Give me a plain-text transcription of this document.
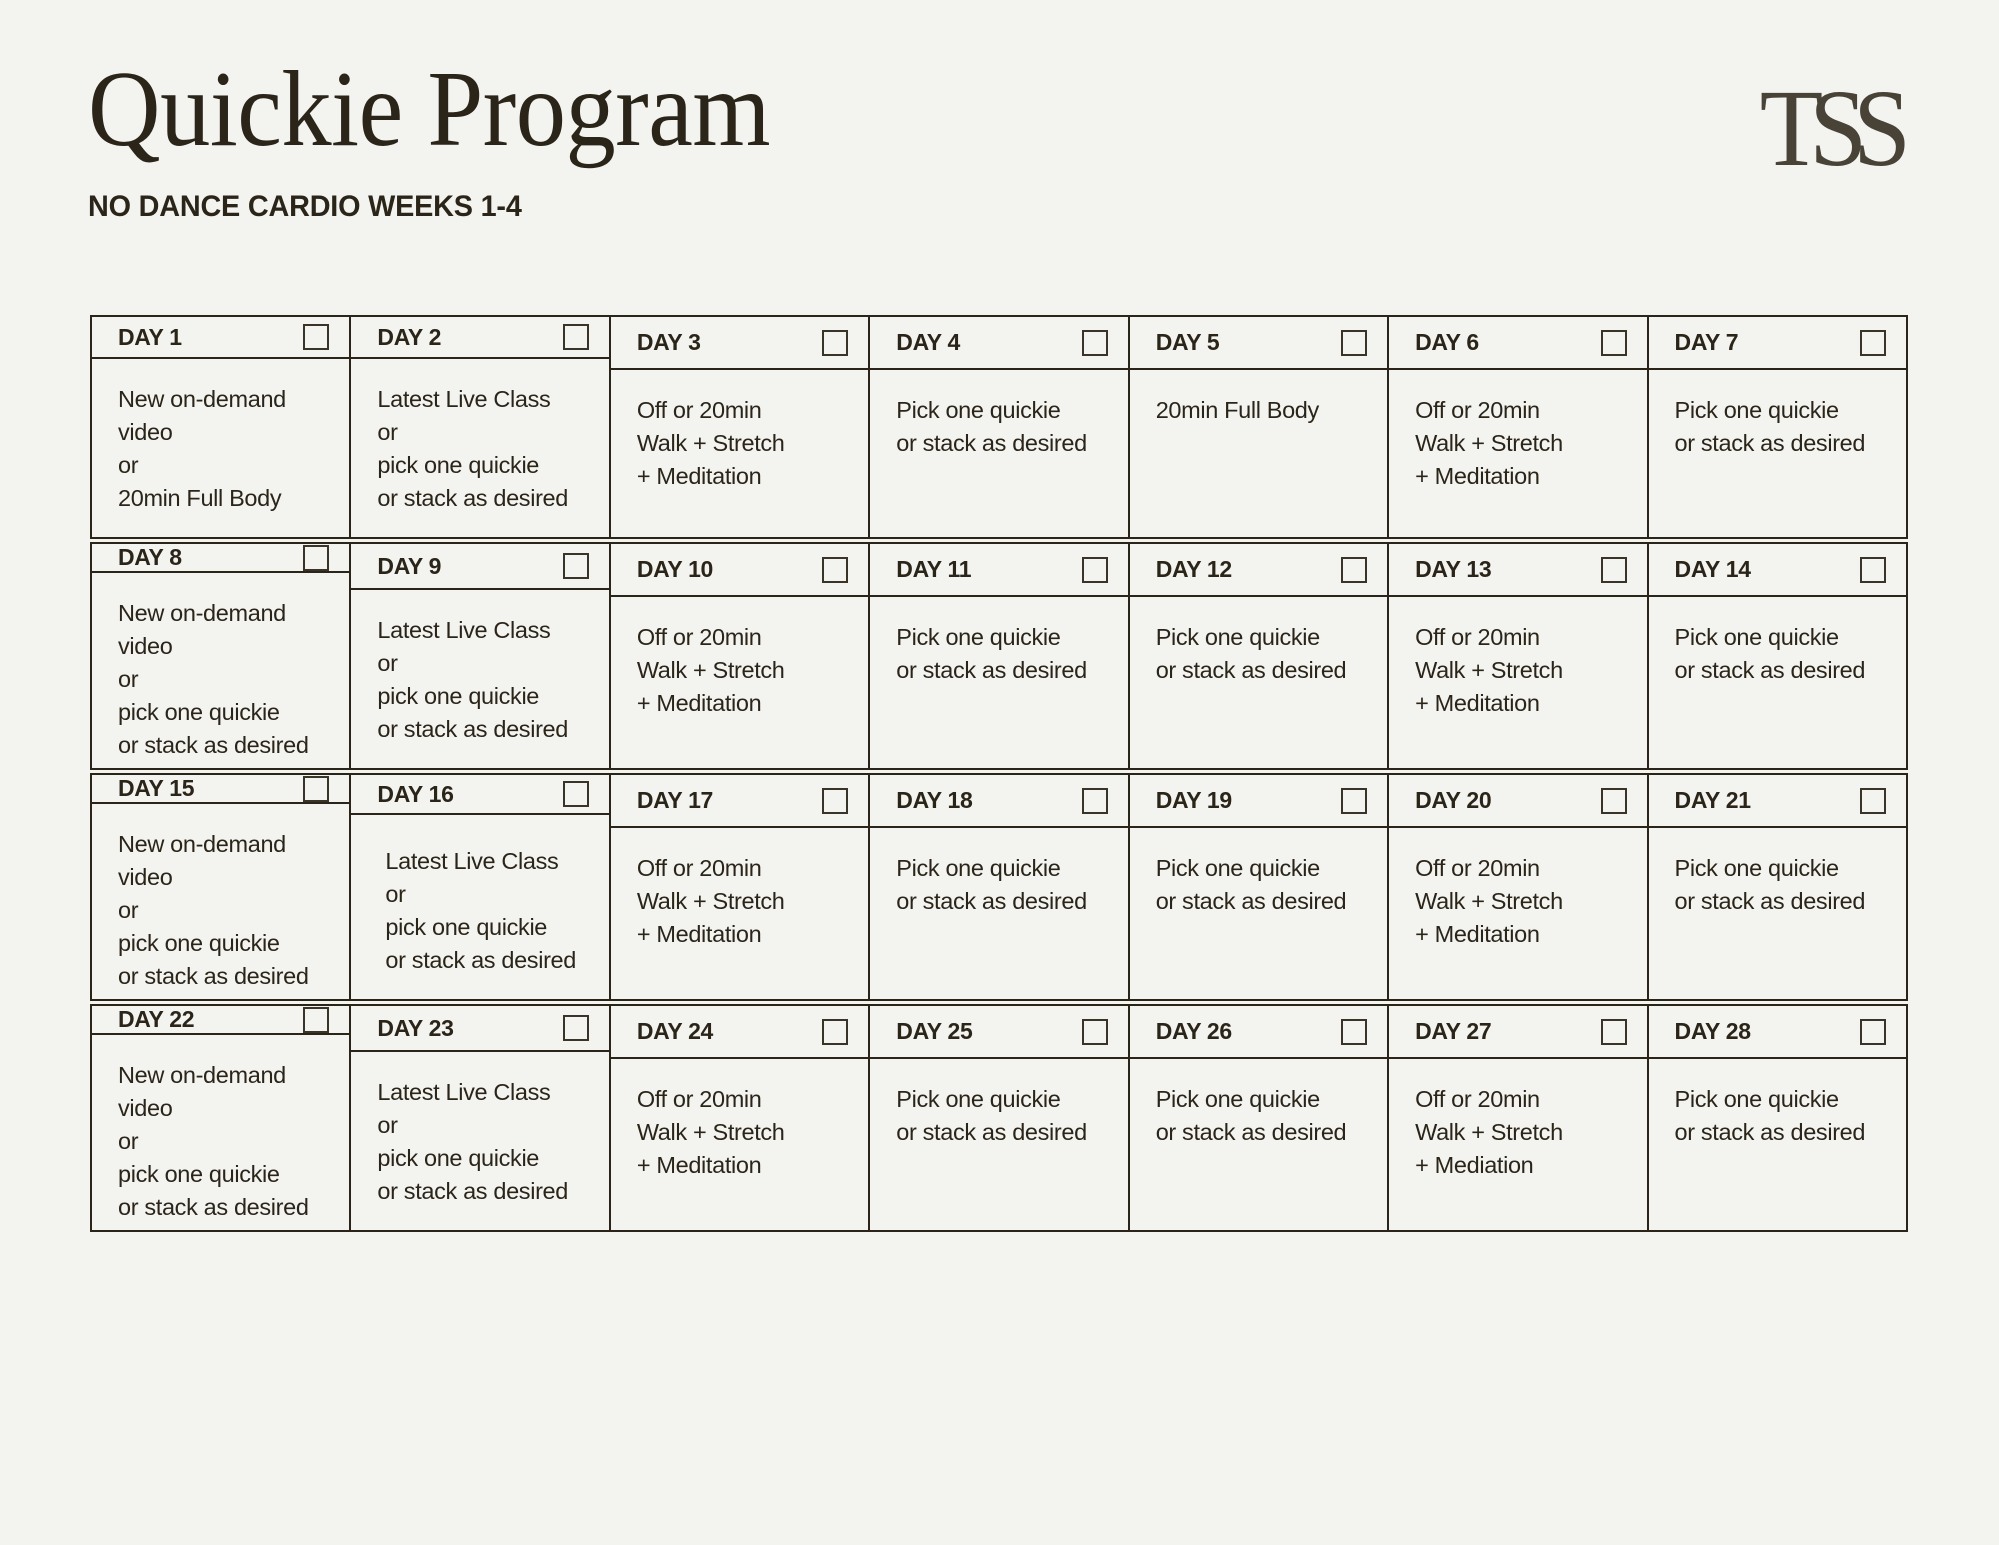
Quickie Program
NO DANCE CARDIO WEEKS 1-4
TSS
DAY 1

New on-demand
video
or
20min Full Body

DAY 2

Latest Live Class
or
pick one quickie
or stack as desired

DAY 3

Off or 20min
Walk + Stretch
+ Meditation

DAY 4

Pick one quickie
or stack as desired

DAY 5

20min Full Body

DAY 6

Off or 20min
Walk + Stretch
+ Meditation

DAY 7

Pick one quickie
or stack as desired

DAY 8

New on-demand
video
or
pick one quickie
or stack as desired

DAY 9

Latest Live Class
or
pick one quickie
or stack as desired

DAY 10

Off or 20min
Walk + Stretch
+ Meditation

DAY 11

Pick one quickie
or stack as desired

DAY 12

Pick one quickie
or stack as desired

DAY 13

Off or 20min
Walk + Stretch
+ Meditation

DAY 14

Pick one quickie
or stack as desired

DAY 15

New on-demand
video
or
pick one quickie
or stack as desired

DAY 16

Latest Live Class
or
pick one quickie
or stack as desired

DAY 17

Off or 20min
Walk + Stretch
+ Meditation

DAY 18

Pick one quickie
or stack as desired

DAY 19

Pick one quickie
or stack as desired

DAY 20

Off or 20min
Walk + Stretch
+ Meditation

DAY 21

Pick one quickie
or stack as desired

DAY 22

New on-demand
video
or
pick one quickie
or stack as desired

DAY 23

Latest Live Class
or
pick one quickie
or stack as desired

DAY 24

Off or 20min
Walk + Stretch
+ Meditation

DAY 25

Pick one quickie
or stack as desired

DAY 26

Pick one quickie
or stack as desired

DAY 27

Off or 20min
Walk + Stretch
+ Mediation

DAY 28

Pick one quickie
or stack as desired
